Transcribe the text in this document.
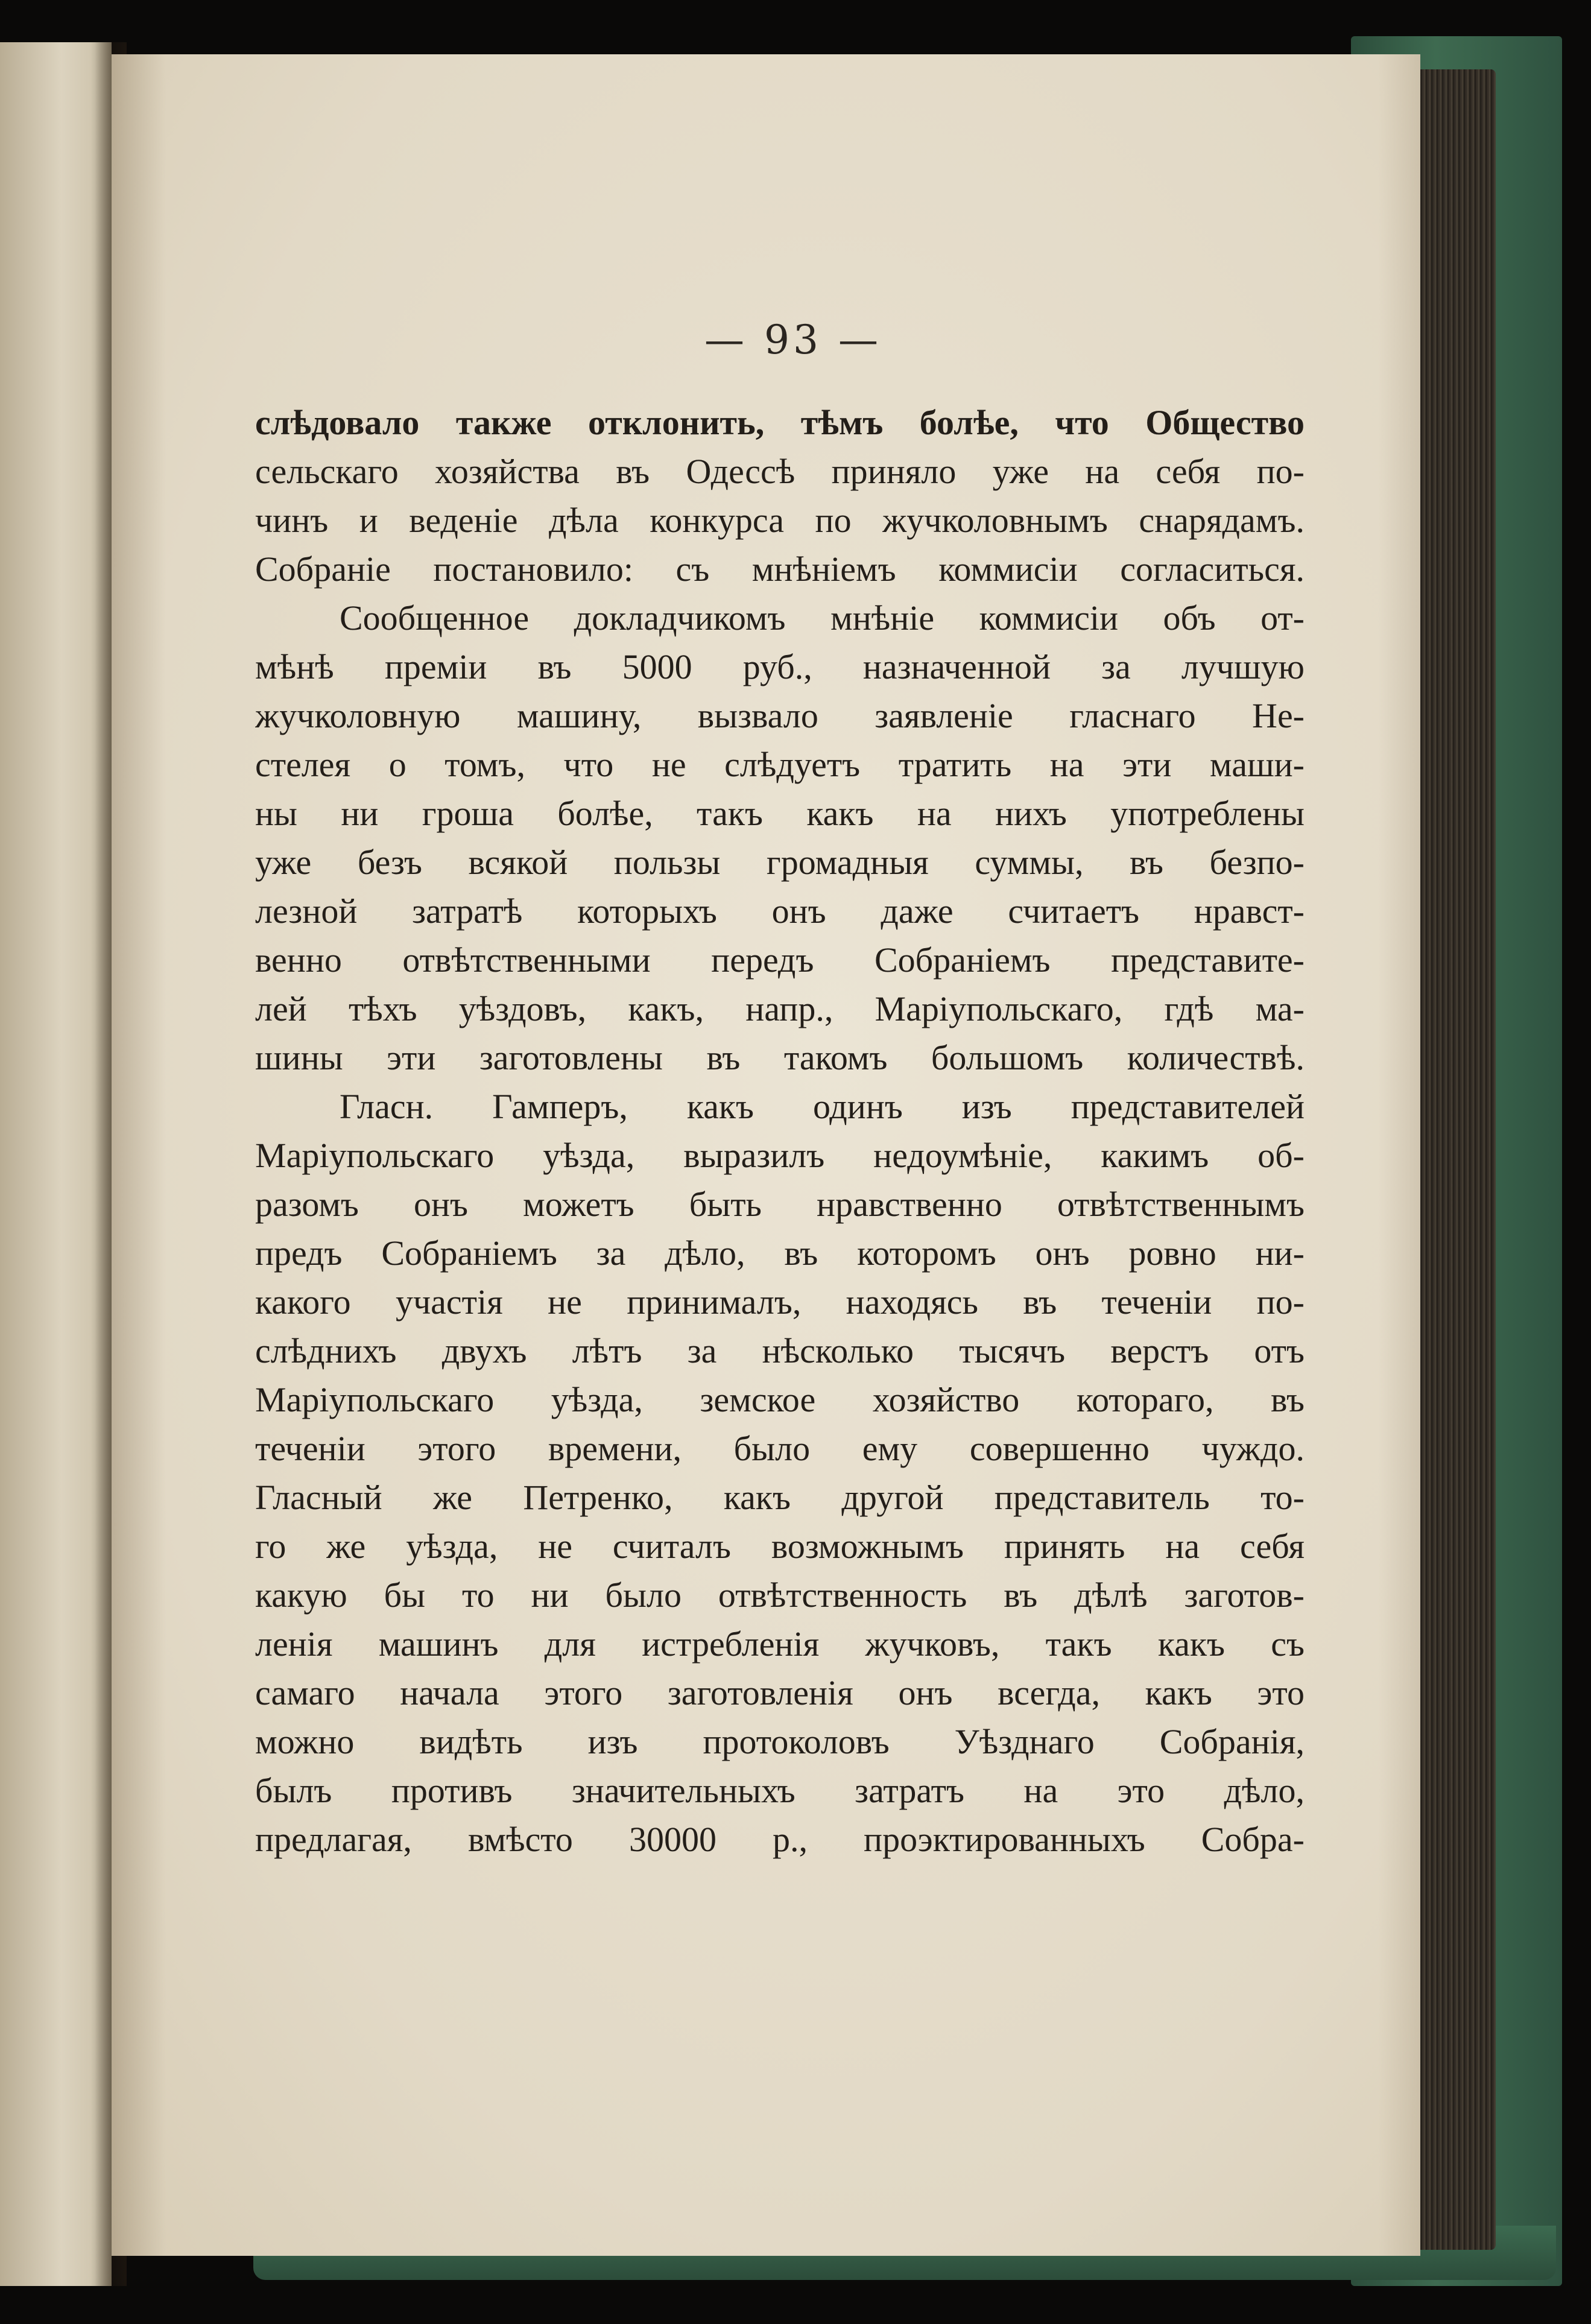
— 93 —
слѣдовало также отклонить, тѣмъ болѣе, что Общество
сельскаго хозяйства въ Одессѣ приняло уже на себя по-
чинъ и веденіе дѣла конкурса по жучколовнымъ снарядамъ.
Собраніе постановило: съ мнѣніемъ коммисіи согласиться.
Сообщенное докладчикомъ мнѣніе коммисіи объ от-
мѣнѣ преміи въ 5000 руб., назначенной за лучшую
жучколовную машину, вызвало заявленіе гласнаго Не-
стелея о томъ, что не слѣдуетъ тратить на эти маши-
ны ни гроша болѣе, такъ какъ на нихъ употреблены
уже безъ всякой пользы громадныя суммы, въ безпо-
лезной затратѣ которыхъ онъ даже считаетъ нравст-
венно отвѣтственными передъ Собраніемъ представите-
лей тѣхъ уѣздовъ, какъ, напр., Маріупольскаго, гдѣ ма-
шины эти заготовлены въ такомъ большомъ количествѣ.
Гласн. Гамперъ, какъ одинъ изъ представителей
Маріупольскаго уѣзда, выразилъ недоумѣніе, какимъ об-
разомъ онъ можетъ быть нравственно отвѣтственнымъ
предъ Собраніемъ за дѣло, въ которомъ онъ ровно ни-
какого участія не принималъ, находясь въ теченіи по-
слѣднихъ двухъ лѣтъ за нѣсколько тысячъ верстъ отъ
Маріупольскаго уѣзда, земское хозяйство котораго, въ
теченіи этого времени, было ему совершенно чуждо.
Гласный же Петренко, какъ другой представитель то-
го же уѣзда, не считалъ возможнымъ принять на себя
какую бы то ни было отвѣтственность въ дѣлѣ заготов-
ленія машинъ для истребленія жучковъ, такъ какъ съ
самаго начала этого заготовленія онъ всегда, какъ это
можно видѣть изъ протоколовъ Уѣзднаго Собранія,
былъ противъ значительныхъ затратъ на это дѣло,
предлагая, вмѣсто 30000 р., проэктированныхъ Собра-
